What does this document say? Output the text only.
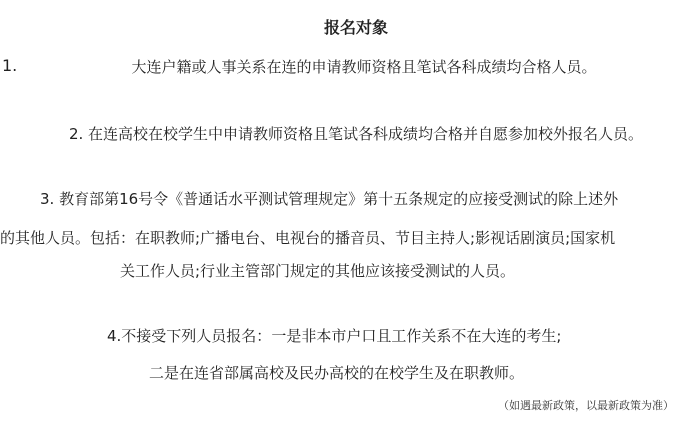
报名对象
1.	大连户籍或人事关系在连的申请教师资格且笔试各科成绩均合格人员。
2. 在连高校在校学生中申请教师资格且笔试各科成绩均合格并自愿参加校外报名人员。
3. 教育部第16号令《普通话水平测试管理规定》第十五条规定的应接受测试的除上述外
的其他人员。包括：在职教师;广播电台、电视台的播音员、节目主持人;影视话剧演员;国家机
关工作人员;行业主管部门规定的其他应该接受测试的人员。
4.不接受下列人员报名：一是非本市户口且工作关系不在大连的考生;
二是在连省部属高校及民办高校的在校学生及在职教师。
（如遇最新政策，以最新政策为准）
